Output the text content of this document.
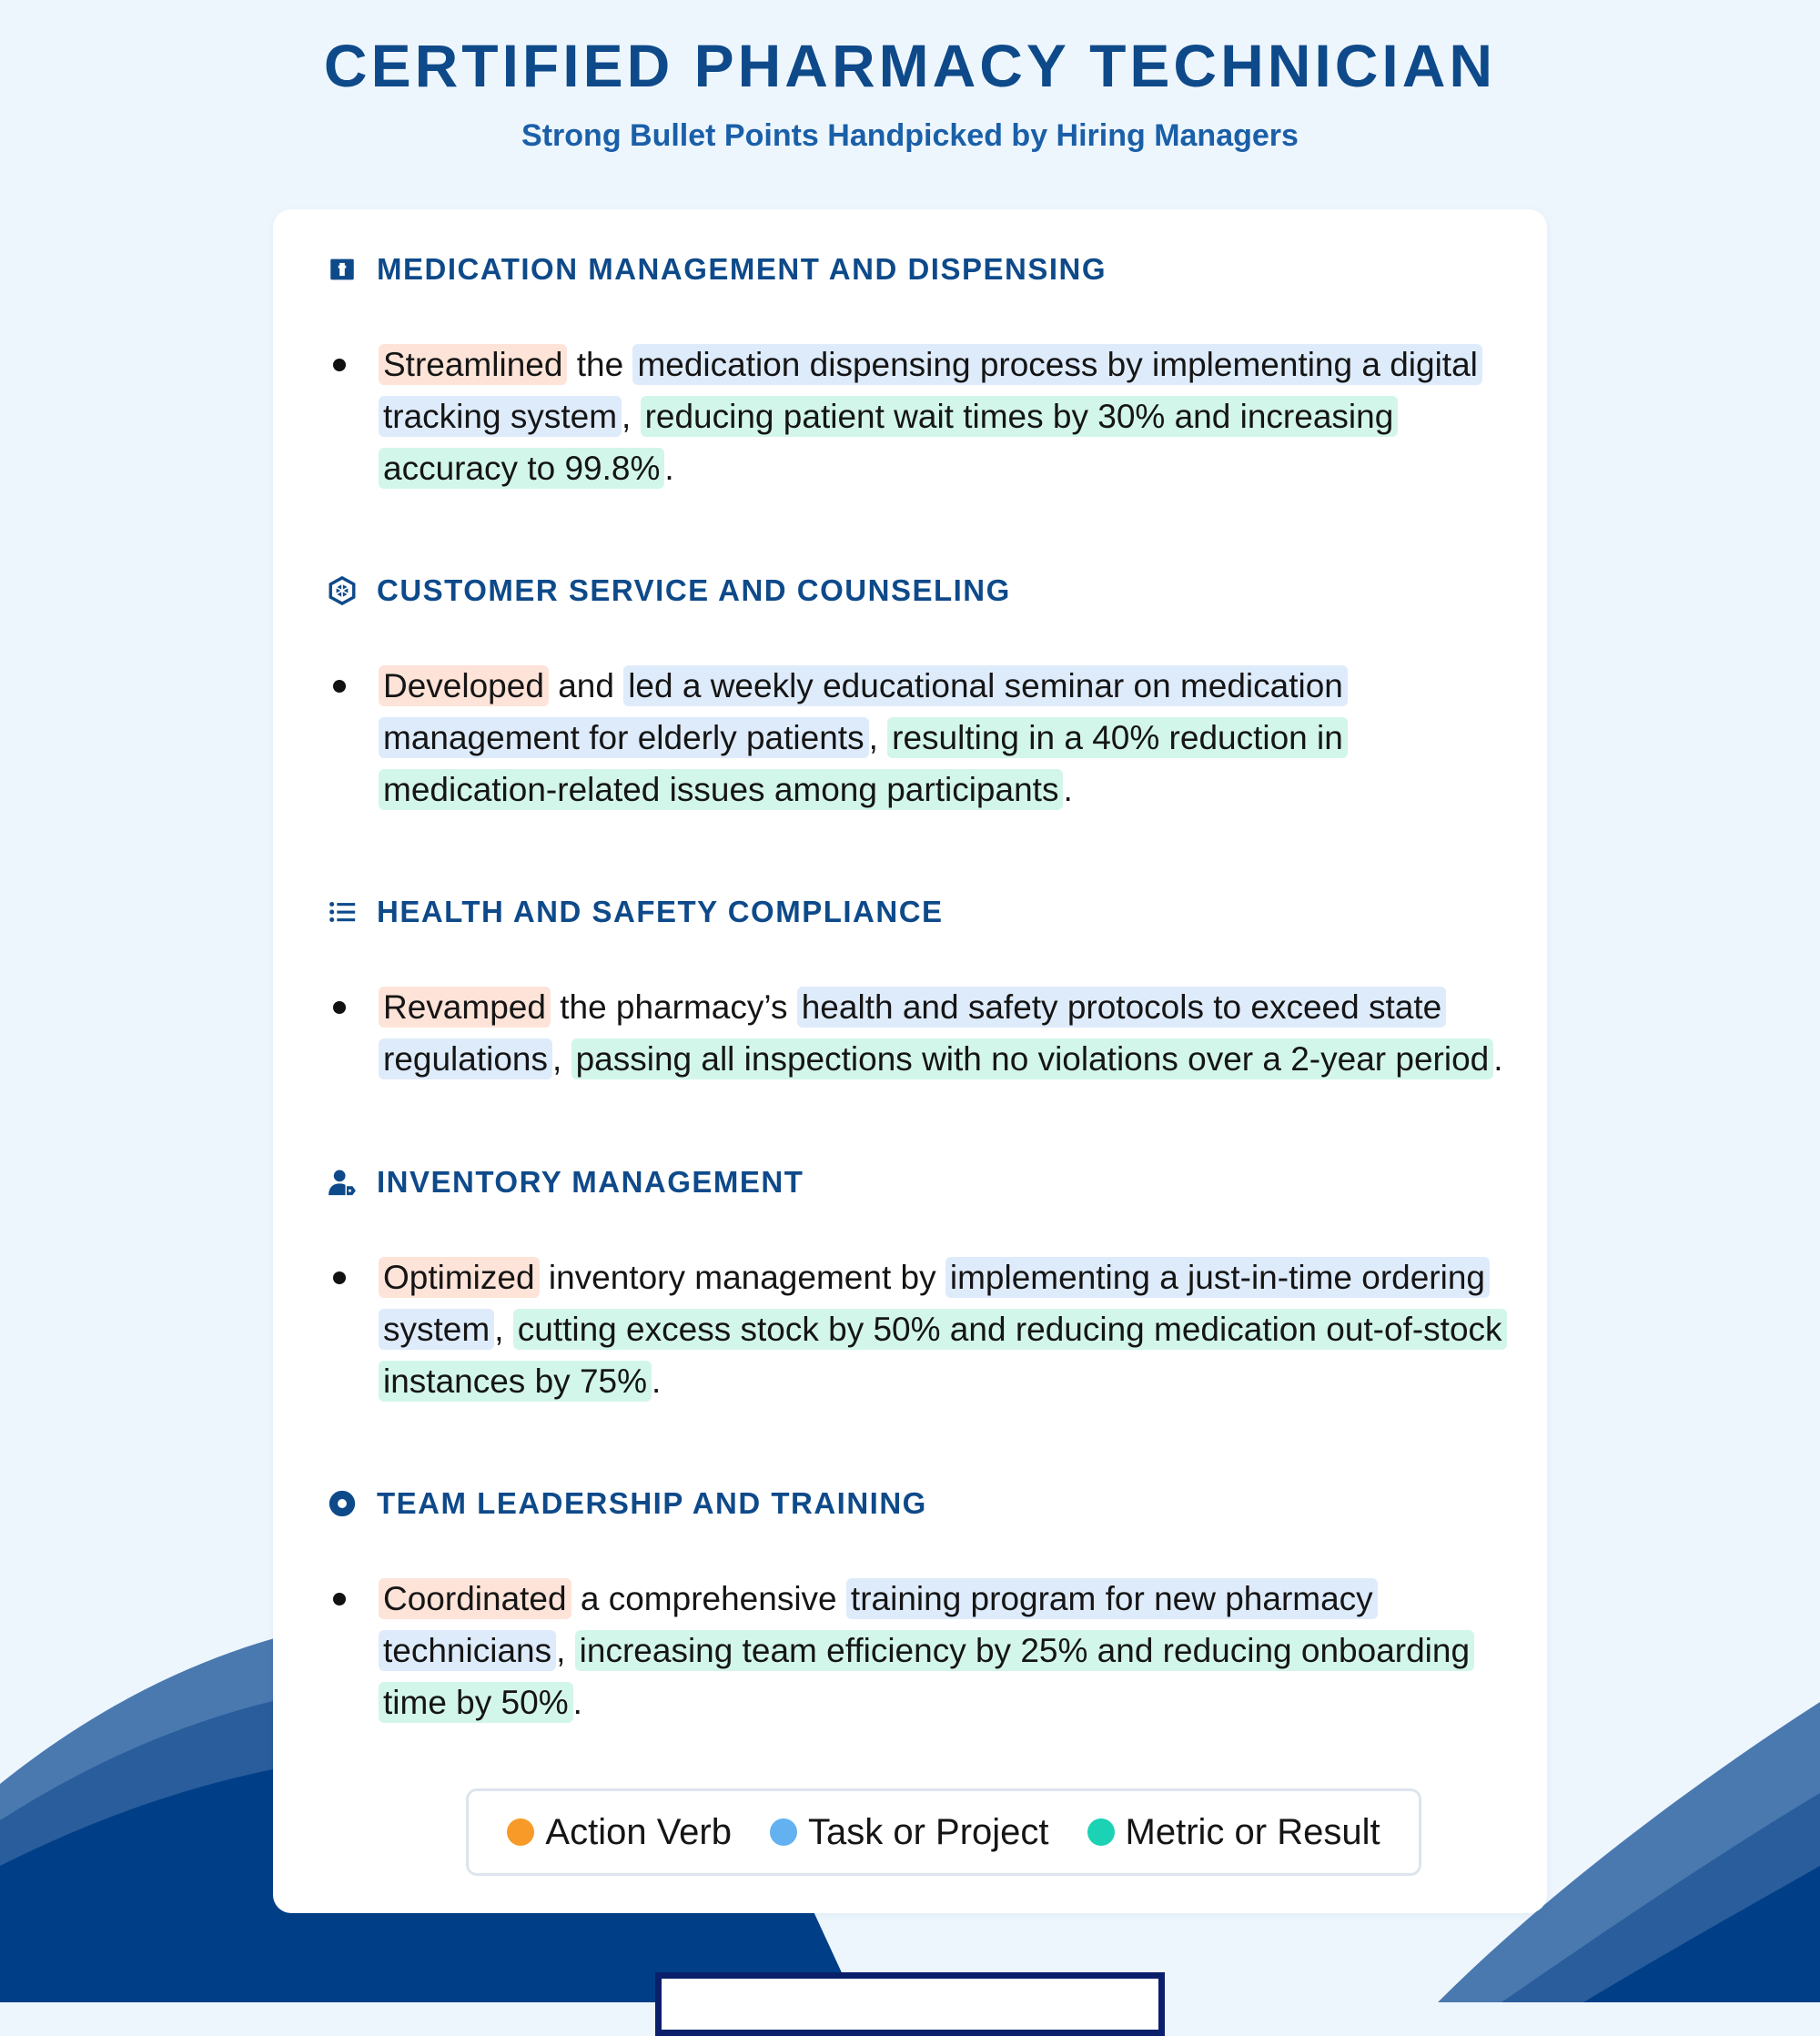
CERTIFIED PHARMACY TECHNICIAN

Strong Bullet Points Handpicked by Hiring Managers

MEDICATION MANAGEMENT AND DISPENSING
Streamlined the medication dispensing process by implementing a digital tracking system , reducing patient wait times by 30% and increasing accuracy to 99.8% .
CUSTOMER SERVICE AND COUNSELING
Developed and led a weekly educational seminar on medication management for elderly patients , resulting in a 40% reduction in medication-related issues among participants .
HEALTH AND SAFETY COMPLIANCE
Revamped the pharmacy’s health and safety protocols to exceed state regulations , passing all inspections with no violations over a 2-year period .
INVENTORY MANAGEMENT
Optimized inventory management by implementing a just-in-time ordering system , cutting excess stock by 50% and reducing medication out-of-stock instances by 75% .
TEAM LEADERSHIP AND TRAINING
Coordinated a comprehensive training program for new pharmacy technicians , increasing team efficiency by 25% and reducing onboarding time by 50% .
Action Verb Task or Project Metric or Result
